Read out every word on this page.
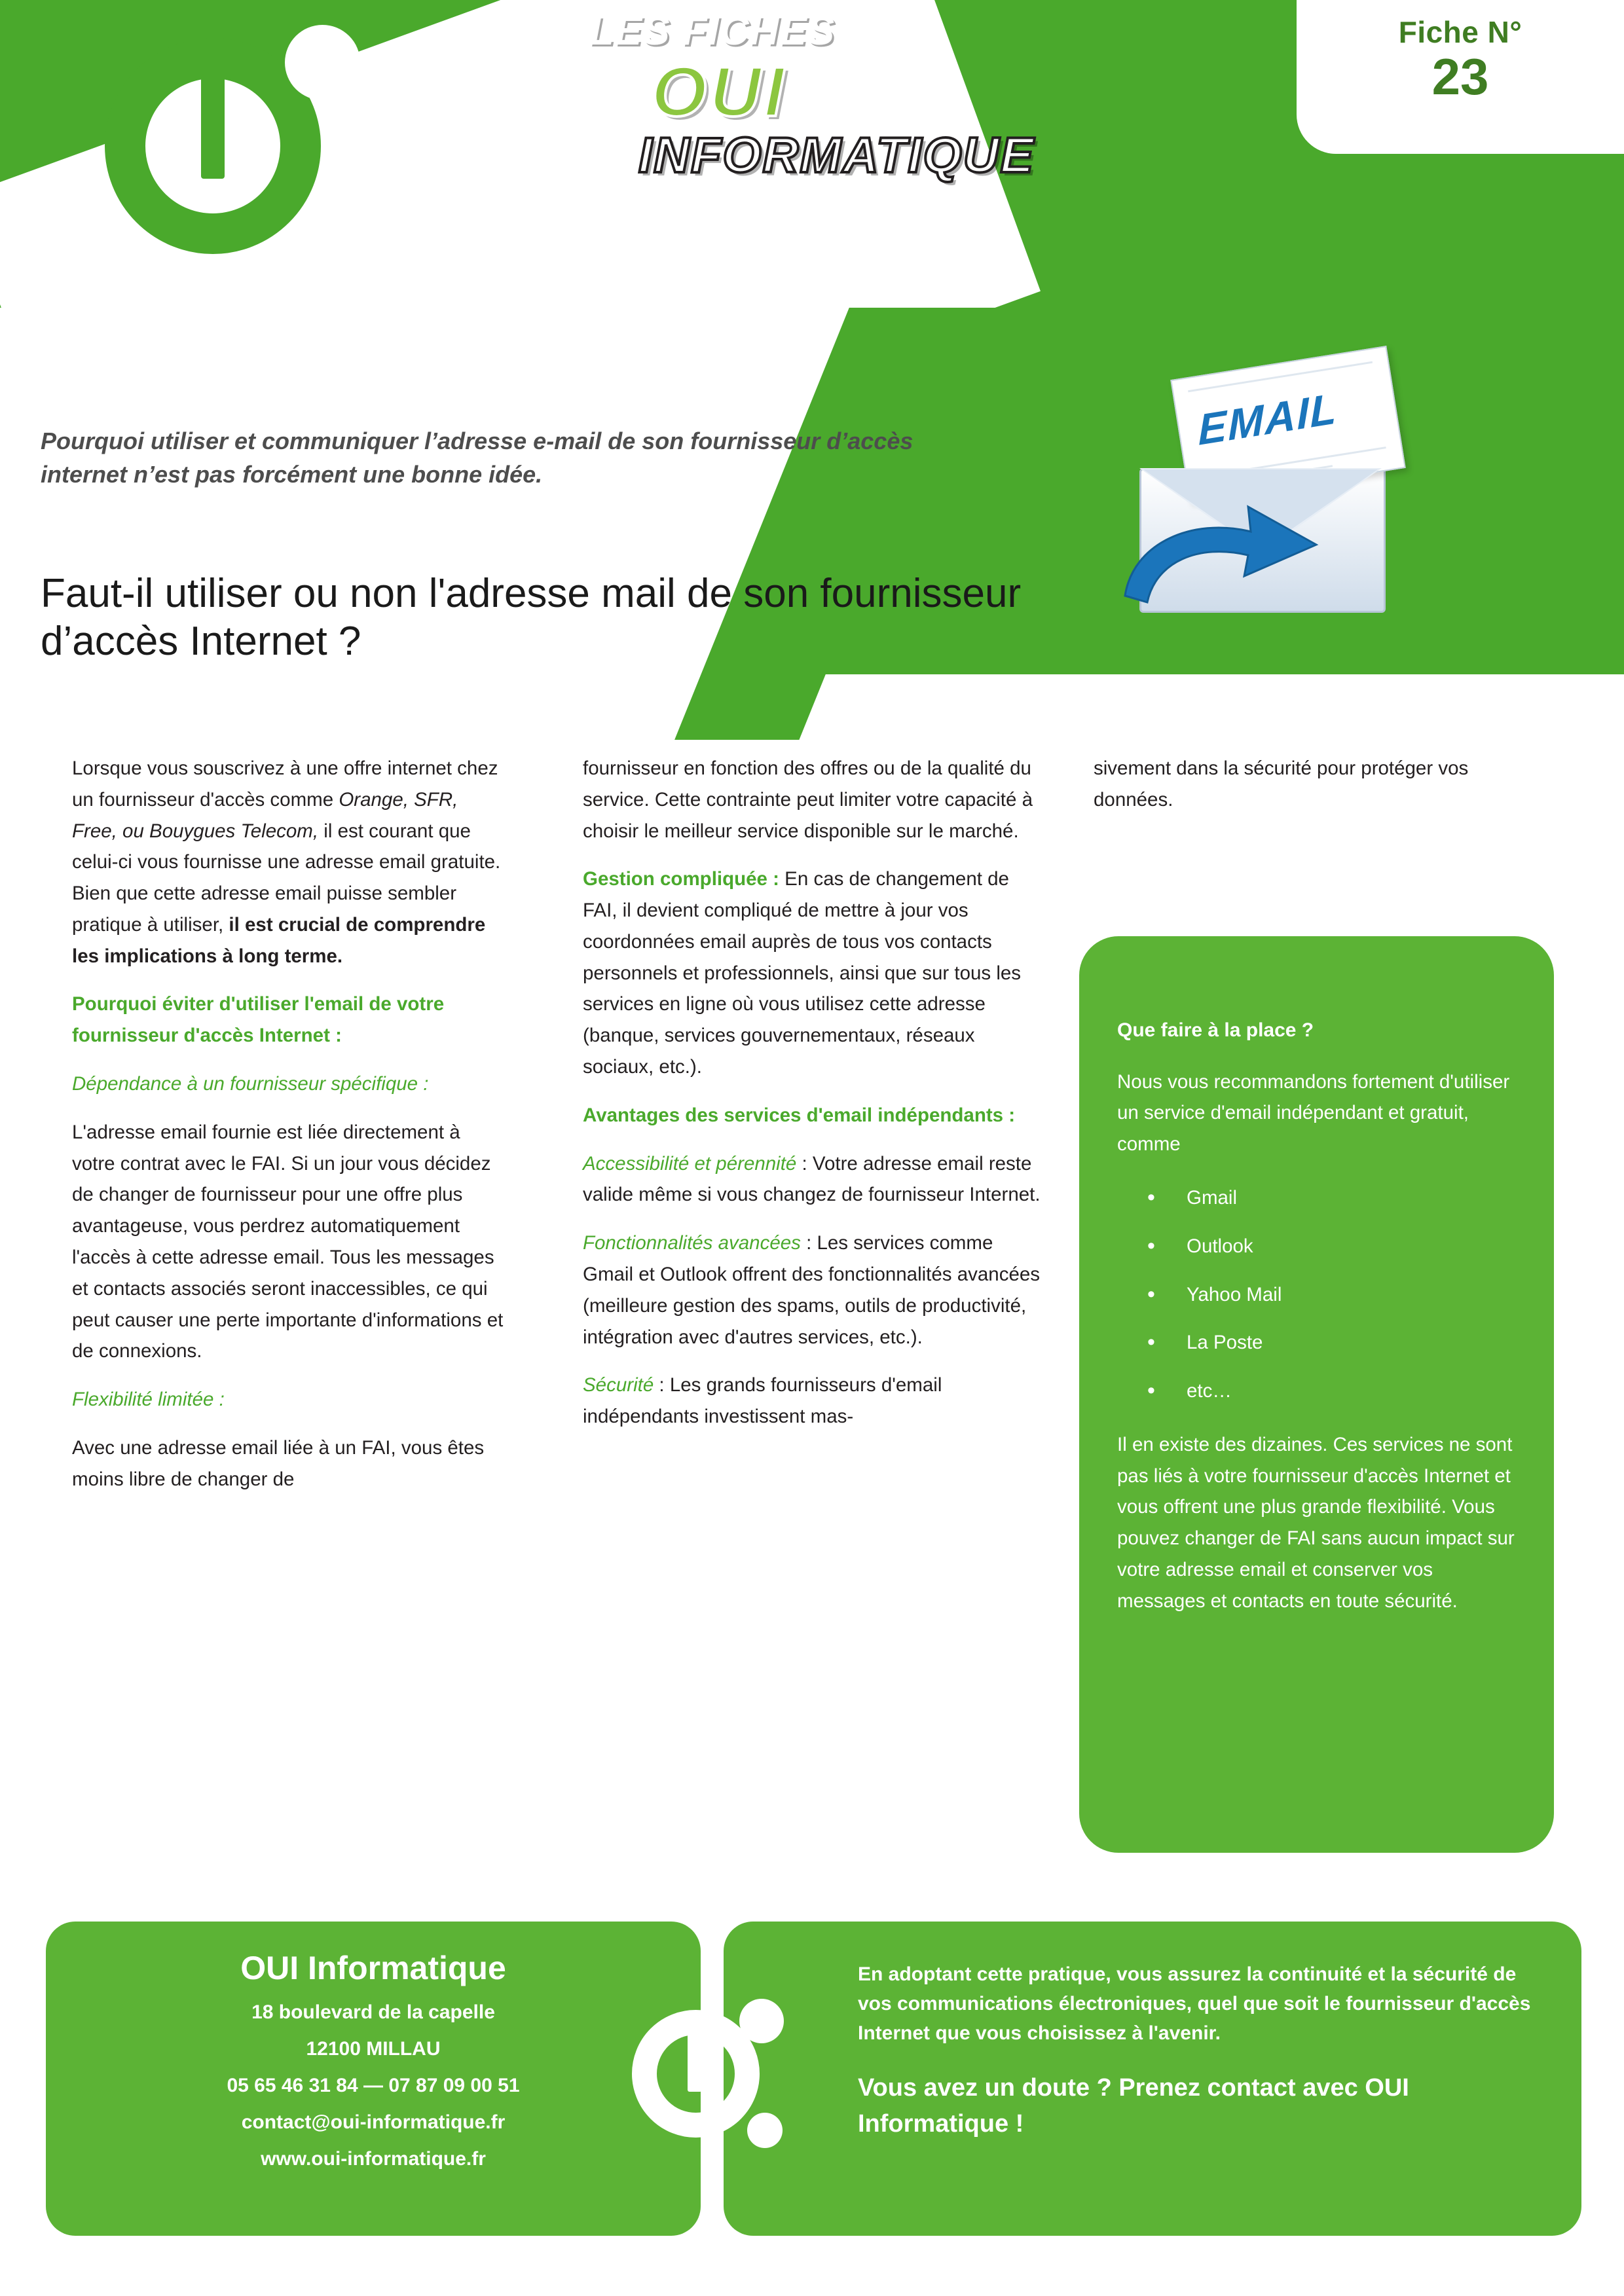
LES FICHES
OUI
INFORMATIQUE
Fiche N°
23
Pourquoi utiliser et communiquer l’adresse e-mail de son fournisseur d’accès internet n’est pas forcément une bonne idée.
Faut-il utiliser ou non l'adresse mail de son fournisseur d’accès Internet ?
EMAIL

Lorsque vous souscrivez à une offre internet chez un fournisseur d'accès comme Orange, SFR, Free, ou Bouygues Telecom, il est courant que celui-ci vous fournisse une adresse email gratuite. Bien que cette adresse email puisse sembler pratique à utiliser, il est crucial de comprendre les implications à long terme.

Pourquoi éviter d'utiliser l'email de votre fournisseur d'accès Internet :

Dépendance à un fournisseur spécifique :

L'adresse email fournie est liée directement à votre contrat avec le FAI. Si un jour vous décidez de changer de fournisseur pour une offre plus avantageuse, vous perdrez automatiquement l'accès à cette adresse email. Tous les messages et contacts associés seront inaccessibles, ce qui peut causer une perte importante d'informations et de connexions.

Flexibilité limitée :

Avec une adresse email liée à un FAI, vous êtes moins libre de changer de

fournisseur en fonction des offres ou de la qualité du service. Cette contrainte peut limiter votre capacité à choisir le meilleur service disponible sur le marché.

Gestion compliquée : En cas de changement de FAI, il devient compliqué de mettre à jour vos coordonnées email auprès de tous vos contacts personnels et professionnels, ainsi que sur tous les services en ligne où vous utilisez cette adresse (banque, services gouvernementaux, réseaux sociaux, etc.).

Avantages des services d'email indépendants :

Accessibilité et pérennité : Votre adresse email reste valide même si vous changez de fournisseur Internet.

Fonctionnalités avancées : Les services comme Gmail et Outlook offrent des fonctionnalités avancées (meilleure gestion des spams, outils de productivité, intégration avec d'autres services, etc.).

Sécurité : Les grands fournisseurs d'email indépendants investissent mas-

sivement dans la sécurité pour protéger vos données.

Que faire à la place ?

Nous vous recommandons fortement d'utiliser un service d'email indépendant et gratuit, comme

• Gmail
• Outlook
• Yahoo Mail
• La Poste
• etc…

Il en existe des dizaines. Ces services ne sont pas liés à votre fournisseur d'accès Internet et vous offrent une plus grande flexibilité. Vous pouvez changer de FAI sans aucun impact sur votre adresse email et conserver vos messages et contacts en toute sécurité.

OUI Informatique
18 boulevard de la capelle
12100 MILLAU
05 65 46 31 84 — 07 87 09 00 51
contact@oui-informatique.fr
www.oui-informatique.fr
En adoptant cette pratique, vous assurez la continuité et la sécurité de vos communications électroniques, quel que soit le fournisseur d'accès Internet que vous choisissez à l'avenir.
Vous avez un doute ? Prenez contact avec OUI Informatique !
